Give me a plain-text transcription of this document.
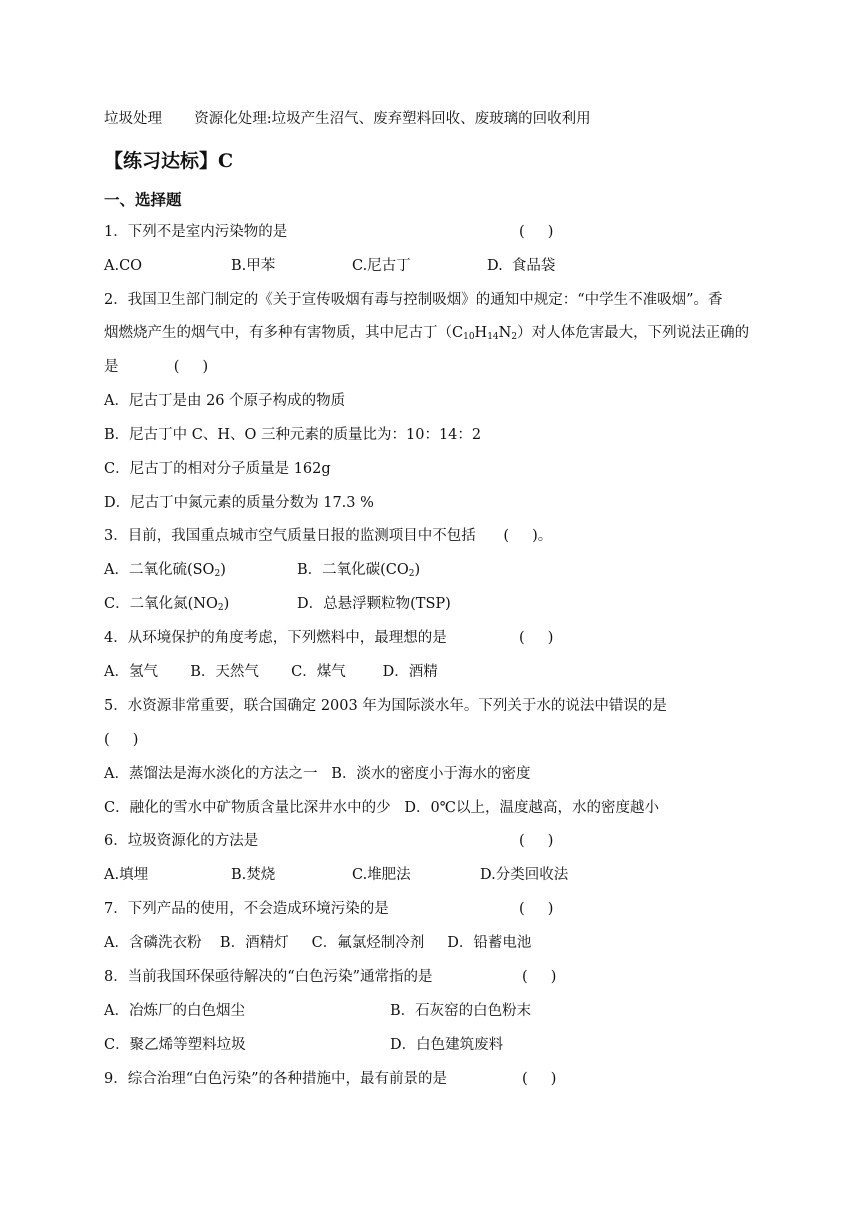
垃圾处理       资源化处理:垃圾产生沼气、废弃塑料回收、废玻璃的回收利用
【练习达标】C
一、选择题
1．下列不是室内污染物的是	(     )
A.CO	B.甲苯	C.尼古丁	D.  食品袋
2．我国卫生部门制定的《关于宣传吸烟有毒与控制吸烟》的通知中规定：“中学生不准吸烟”。香
烟燃烧产生的烟气中，有多种有害物质，其中尼古丁$(C_{10}H_{14}N_2)$对人体危害最大，下列说法正确的
是            (     )
A．尼古丁是由 26 个原子构成的物质
B．尼古丁中 C、H、O 三种元素的质量比为：10：14：2
C．尼古丁的相对分子质量是 162g
D．尼古丁中氮元素的质量分数为 17.3 %
3．目前，我国重点城市空气质量日报的监测项目中不包括      (     )。
A．二氧化硫$(SO_2)$	B．二氧化碳$(CO_2)$
C．二氧化氮$(NO_2)$	D．总悬浮颗粒物(TSP)
4．从环境保护的角度考虑，下列燃料中，最理想的是	(     )
A．氢气       B．天然气       C．煤气        D．酒精
5．水资源非常重要，联合国确定 2003 年为国际淡水年。下列关于水的说法中错误的是
(     )
A．蒸馏法是海水淡化的方法之一   B．淡水的密度小于海水的密度
C．融化的雪水中矿物质含量比深井水中的少   D．0℃以上，温度越高，水的密度越小
6．垃圾资源化的方法是	(     )
A.填埋	B.焚烧	C.堆肥法	D.分类回收法
7．下列产品的使用，不会造成环境污染的是	(     )
A．含磷洗衣粉    B．酒精灯     C．氟氯烃制冷剂     D．铅蓄电池
8．当前我国环保亟待解决的“白色污染”通常指的是	(     )
A．冶炼厂的白色烟尘	B．石灰窑的白色粉末
C．聚乙烯等塑料垃圾	D．白色建筑废料
9．综合治理“白色污染”的各种措施中，最有前景的是	(     )
